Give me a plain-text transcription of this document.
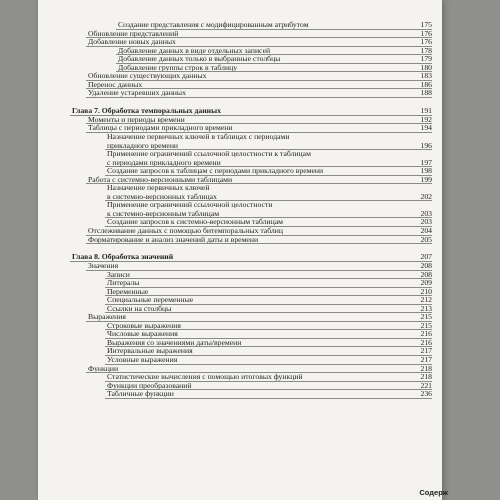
Создание представления с модифицированным атрибутом	175
Обновление представлений	176
Добавление новых данных	176
Добавление данных в виде отдельных записей	178
Добавление данных только в выбранные столбцы	179
Добавление группы строк в таблицу	180
Обновление существующих данных	183
Перенос данных	186
Удаление устаревших данных	188
Глава 7. Обработка темпоральных данных	191
Моменты и периоды времени	192
Таблицы с периодами прикладного времени	194
Назначение первичных ключей в таблицах с периодами
прикладного времени	196
Применение ограничений ссылочной целостности к таблицам
с периодами прикладного времени	197
Создание запросов к таблицам с периодами прикладного времени	198
Работа с системно-версионными таблицами	199
Назначение первичных ключей
в системно-версионных таблицах	202
Применение ограничений ссылочной целостности
к системно-версионным таблицам	203
Создание запросов к системно-версионным таблицам	203
Отслеживание данных с помощью битемпоральных таблиц	204
Форматирование и анализ значений даты и времени	205
Глава 8. Обработка значений	207
Значения	208
Записи	208
Литералы	209
Переменные	210
Специальные переменные	212
Ссылки на столбцы	213
Выражения	215
Строковые выражения	215
Числовые выражения	216
Выражения со значениями даты/времени	216
Интервальные выражения	217
Условные выражения	217
Функции	218
Статистические вычисления с помощью итоговых функций	218
Функции преобразований	221
Табличные функции	236
Содерж
